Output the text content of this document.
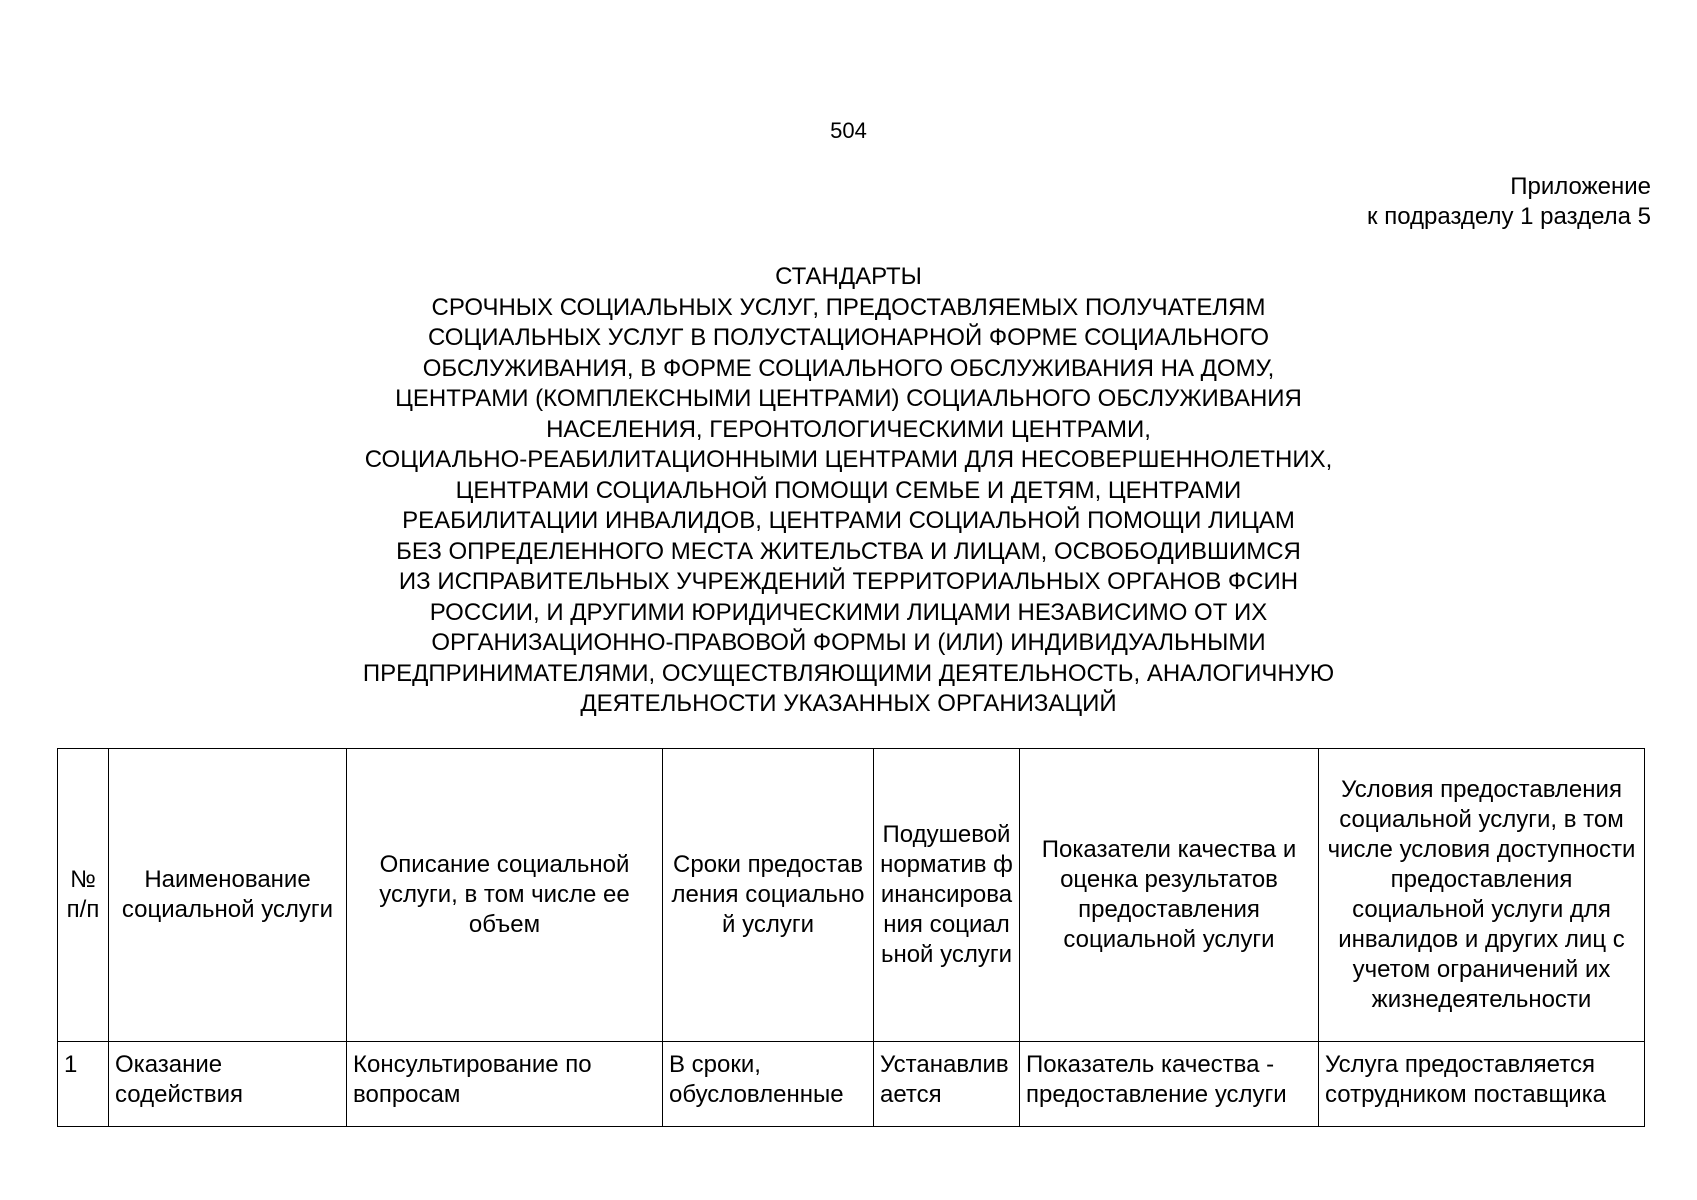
504
Приложение
к подразделу 1 раздела 5
СТАНДАРТЫ
СРОЧНЫХ СОЦИАЛЬНЫХ УСЛУГ, ПРЕДОСТАВЛЯЕМЫХ ПОЛУЧАТЕЛЯМ
СОЦИАЛЬНЫХ УСЛУГ В ПОЛУСТАЦИОНАРНОЙ ФОРМЕ СОЦИАЛЬНОГО
ОБСЛУЖИВАНИЯ, В ФОРМЕ СОЦИАЛЬНОГО ОБСЛУЖИВАНИЯ НА ДОМУ,
ЦЕНТРАМИ (КОМПЛЕКСНЫМИ ЦЕНТРАМИ) СОЦИАЛЬНОГО ОБСЛУЖИВАНИЯ
НАСЕЛЕНИЯ, ГЕРОНТОЛОГИЧЕСКИМИ ЦЕНТРАМИ,
СОЦИАЛЬНО-РЕАБИЛИТАЦИОННЫМИ ЦЕНТРАМИ ДЛЯ НЕСОВЕРШЕННОЛЕТНИХ,
ЦЕНТРАМИ СОЦИАЛЬНОЙ ПОМОЩИ СЕМЬЕ И ДЕТЯМ, ЦЕНТРАМИ
РЕАБИЛИТАЦИИ ИНВАЛИДОВ, ЦЕНТРАМИ СОЦИАЛЬНОЙ ПОМОЩИ ЛИЦАМ
БЕЗ ОПРЕДЕЛЕННОГО МЕСТА ЖИТЕЛЬСТВА И ЛИЦАМ, ОСВОБОДИВШИМСЯ
ИЗ ИСПРАВИТЕЛЬНЫХ УЧРЕЖДЕНИЙ ТЕРРИТОРИАЛЬНЫХ ОРГАНОВ ФСИН
РОССИИ, И ДРУГИМИ ЮРИДИЧЕСКИМИ ЛИЦАМИ НЕЗАВИСИМО ОТ ИХ
ОРГАНИЗАЦИОННО-ПРАВОВОЙ ФОРМЫ И (ИЛИ) ИНДИВИДУАЛЬНЫМИ
ПРЕДПРИНИМАТЕЛЯМИ, ОСУЩЕСТВЛЯЮЩИМИ ДЕЯТЕЛЬНОСТЬ, АНАЛОГИЧНУЮ
ДЕЯТЕЛЬНОСТИ УКАЗАННЫХ ОРГАНИЗАЦИЙ
№ п/п	Наименование социальной услуги	Описание социальной услуги, в том числе ее объем	Сроки предоставления социальной услуги	Подушевой норматив финансирования социальной услуги	Показатели качества и оценка результатов предоставления социальной услуги	Условия предоставления социальной услуги, в том числе условия доступности предоставления социальной услуги для инвалидов и других лиц с учетом ограничений их жизнедеятельности
1	Оказание содействия	Консультирование по вопросам	В сроки, обусловленные	Устанавливается	Показатель качества - предоставление услуги	Услуга предоставляется сотрудником поставщика
